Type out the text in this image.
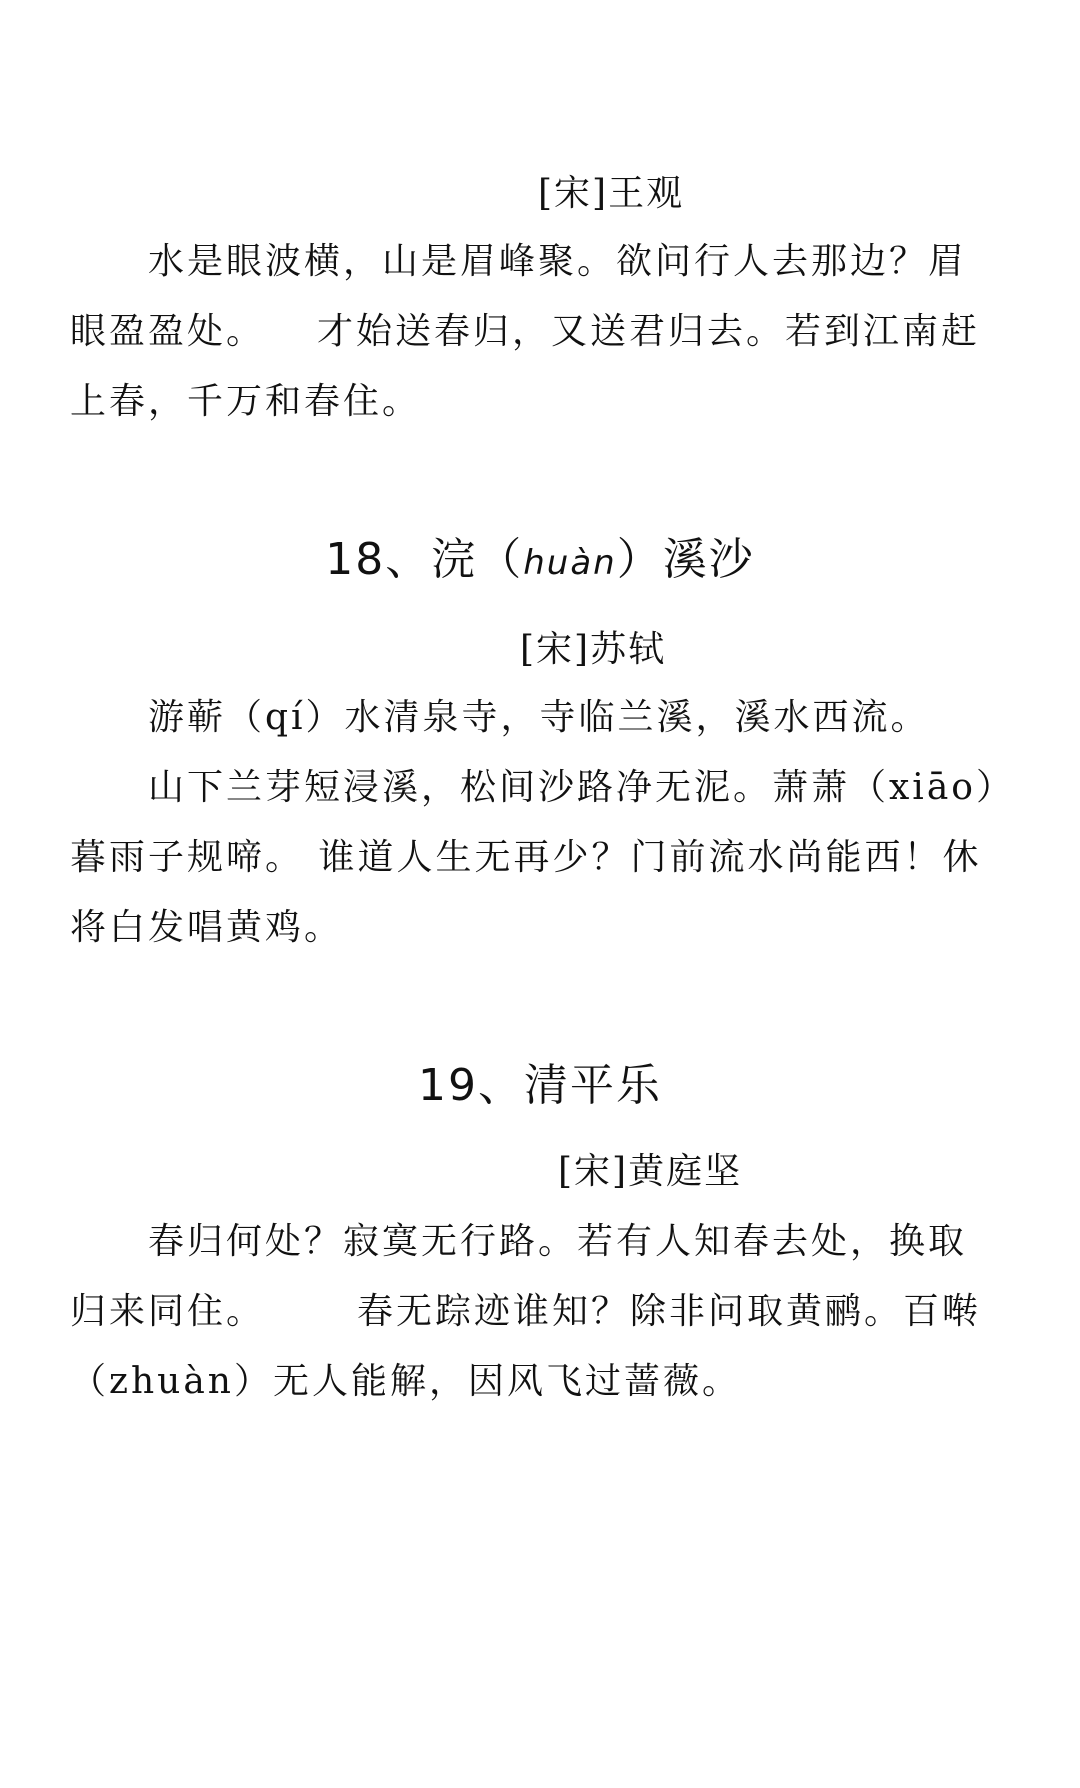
[宋]王观

水是眼波横，山是眉峰聚。欲问行人去那边？眉

眼盈盈处。 才始送春归，又送君归去。若到江南赶

上春，千万和春住。

18、浣（huàn）溪沙
[宋]苏轼

游蕲（qí）水清泉寺，寺临兰溪，溪水西流。

山下兰芽短浸溪，松间沙路净无泥。萧萧（xiāo）

暮雨子规啼。 谁道人生无再少？门前流水尚能西！休

将白发唱黄鸡。

19、清平乐
[宋]黄庭坚

春归何处？寂寞无行路。若有人知春去处，换取

归来同住。	春无踪迹谁知？除非问取黄鹂。百啭

（zhuàn）无人能解，因风飞过蔷薇。
